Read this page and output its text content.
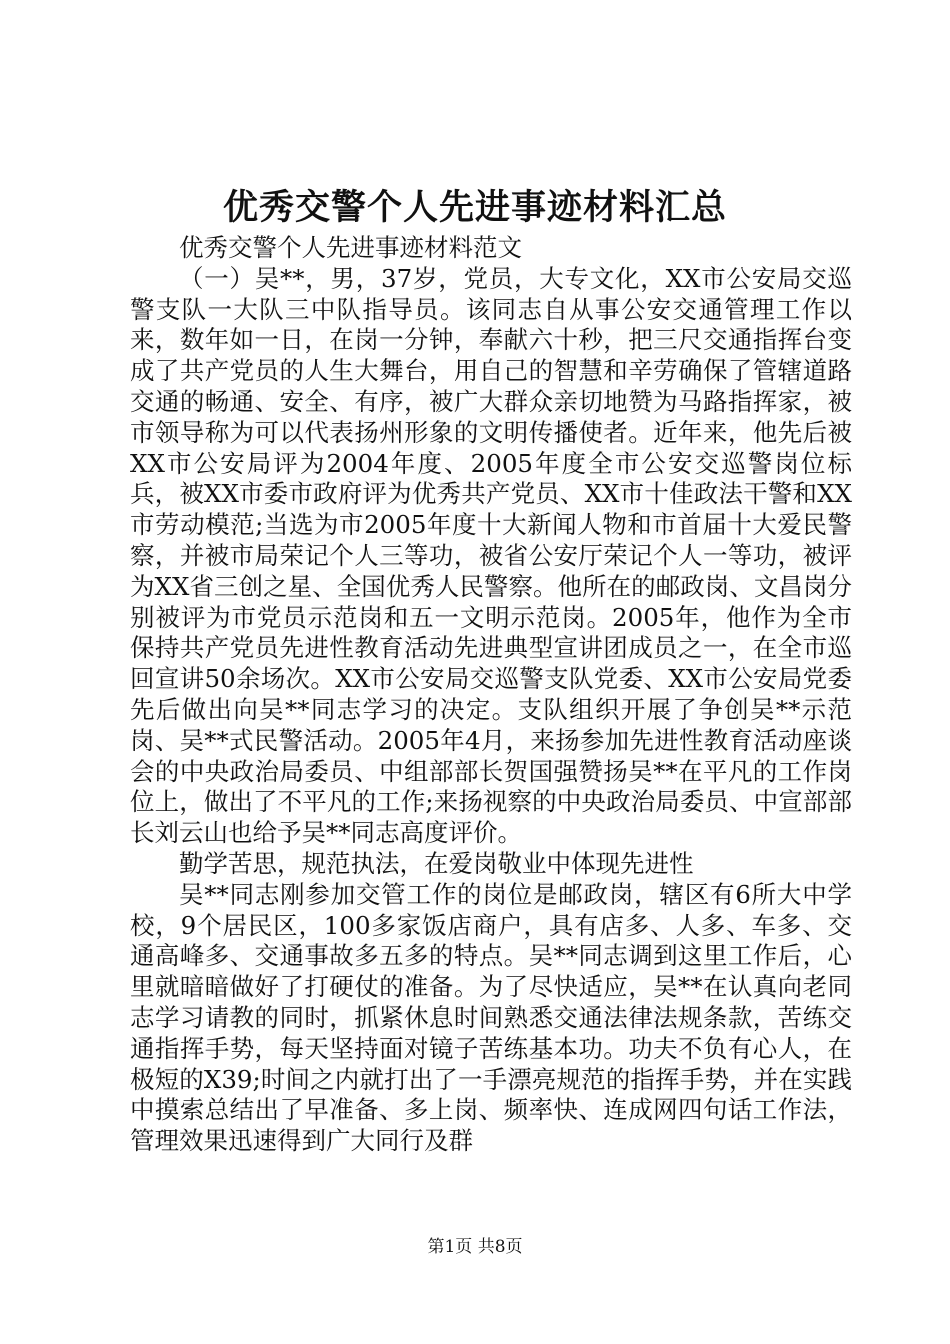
优秀交警个人先进事迹材料汇总

优秀交警个人先进事迹材料范文

（一）吴**，男，37岁，党员，大专文化，XX市公安局交巡警支队一大队三中队指导员。该同志自从事公安交通管理工作以来，数年如一日，在岗一分钟，奉献六十秒，把三尺交通指挥台变成了共产党员的人生大舞台，用自己的智慧和辛劳确保了管辖道路交通的畅通、安全、有序，被广大群众亲切地赞为马路指挥家，被市领导称为可以代表扬州形象的文明传播使者。近年来，他先后被XX市公安局评为2004年度、2005年度全市公安交巡警岗位标兵，被XX市委市政府评为优秀共产党员、XX市十佳政法干警和XX市劳动模范;当选为市2005年度十大新闻人物和市首届十大爱民警察，并被市局荣记个人三等功，被省公安厅荣记个人一等功，被评为XX省三创之星、全国优秀人民警察。他所在的邮政岗、文昌岗分别被评为市党员示范岗和五一文明示范岗。2005年，他作为全市保持共产党员先进性教育活动先进典型宣讲团成员之一，在全市巡回宣讲50余场次。XX市公安局交巡警支队党委、XX市公安局党委先后做出向吴**同志学习的决定。支队组织开展了争创吴**示范岗、吴**式民警活动。2005年4月，来扬参加先进性教育活动座谈会的中央政治局委员、中组部部长贺国强赞扬吴**在平凡的工作岗位上，做出了不平凡的工作;来扬视察的中央政治局委员、中宣部部长刘云山也给予吴**同志高度评价。

勤学苦思，规范执法，在爱岗敬业中体现先进性

吴**同志刚参加交管工作的岗位是邮政岗，辖区有6所大中学校，9个居民区，100多家饭店商户，具有店多、人多、车多、交通高峰多、交通事故多五多的特点。吴**同志调到这里工作后，心里就暗暗做好了打硬仗的准备。为了尽快适应，吴**在认真向老同志学习请教的同时，抓紧休息时间熟悉交通法律法规条款，苦练交通指挥手势，每天坚持面对镜子苦练基本功。功夫不负有心人，在极短的X39;时间之内就打出了一手漂亮规范的指挥手势，并在实践中摸索总结出了早准备、多上岗、频率快、连成网四句话工作法，管理效果迅速得到广大同行及群

第1页 共8页
